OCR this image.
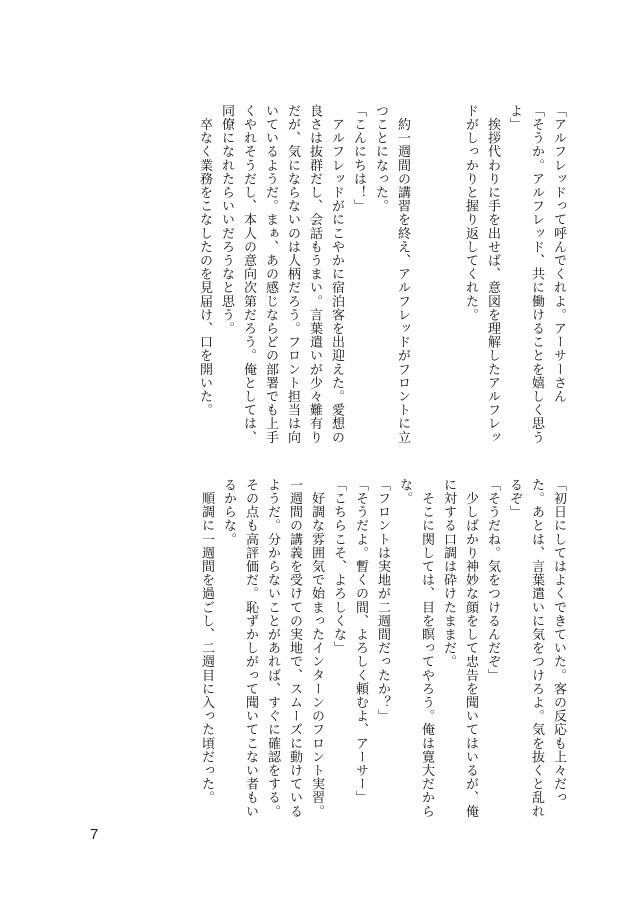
「アルフレッドって呼んでくれよ。アーサーさん
「そうか。アルフレッド、共に働けることを嬉しく思う
よ」
　挨拶代わりに手を出せば、意図を理解したアルフレッ
ドがしっかりと握り返してくれた。
　約一週間の講習を終え、アルフレッドがフロントに立
つことになった。
「こんにちは！」
　アルフレッドがにこやかに宿泊客を出迎えた。愛想の
良さは抜群だし、会話もうまい。言葉遣いが少々難有り
だが、気にならないのは人柄だろう。フロント担当は向
いているようだ。まぁ、あの感じならどの部署でも上手
くやれそうだし、本人の意向次第だろう。俺としては、
同僚になれたらいいだろうなと思う。
　卒なく業務をこなしたのを見届け、口を開いた。
「初日にしてはよくできていた。客の反応も上々だっ
た。あとは、言葉遣いに気をつけろよ。気を抜くと乱れ
るぞ」
「そうだね。気をつけるんだぞ」
　少しばかり神妙な顔をして忠告を聞いてはいるが、俺
に対する口調は砕けたままだ。
　そこに関しては、目を瞑ってやろう。俺は寛大だから
な。
「フロントは実地が二週間だったか？」
「そうだよ。暫くの間、よろしく頼むよ、アーサー」
「こちらこそ、よろしくな」
　好調な雰囲気で始まったインターンのフロント実習。
一週間の講義を受けての実地で、スムーズに動けている
ようだ。分からないことがあれば、すぐに確認をする。
その点も高評価だ。恥ずかしがって聞いてこない者もい
るからな。
　順調に一週間を過ごし、二週目に入った頃だった。
7
